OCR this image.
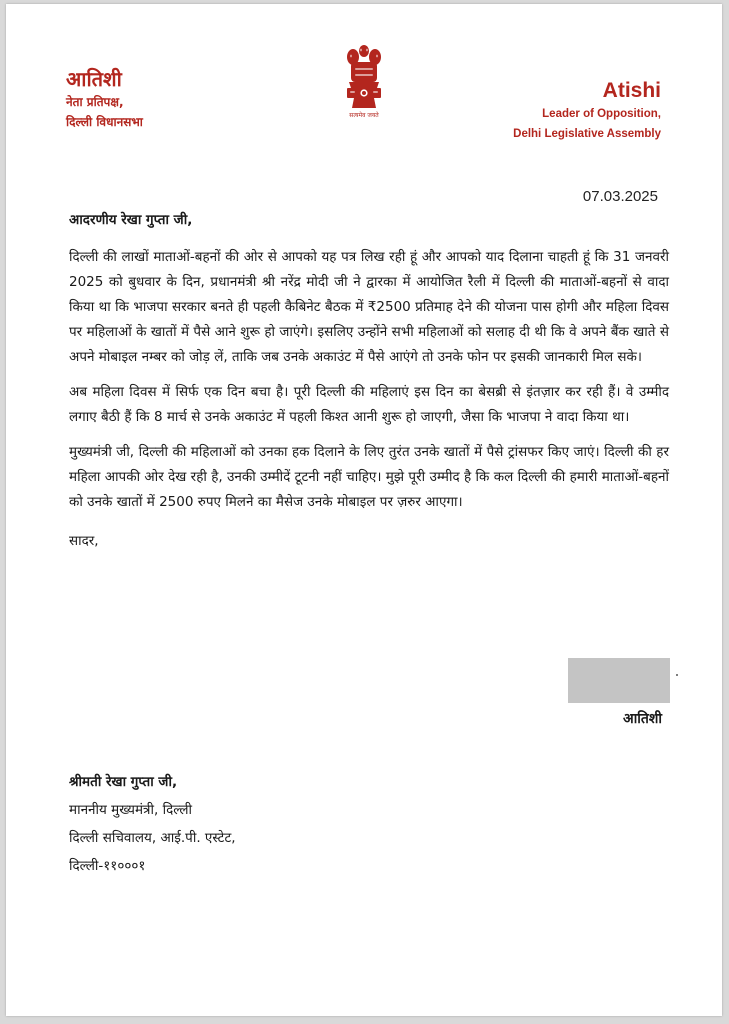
आतिशी
नेता प्रतिपक्ष,
दिल्ली विधानसभा	सत्यमेव जयते
Atishi
Leader of Opposition,
Delhi Legislative Assembly
07.03.2025

आदरणीय रेखा गुप्ता जी,

दिल्ली की लाखों माताओं-बहनों की ओर से आपको यह पत्र लिख रही हूं और आपको याद दिलाना चाहती हूं कि 31 जनवरी 2025 को बुधवार के दिन, प्रधानमंत्री श्री नरेंद्र मोदी जी ने द्वारका में आयोजित रैली में दिल्ली की माताओं-बहनों से वादा किया था कि भाजपा सरकार बनते ही पहली कैबिनेट बैठक में ₹2500 प्रतिमाह देने की योजना पास होगी और महिला दिवस पर महिलाओं के खातों में पैसे आने शुरू हो जाएंगे। इसलिए उन्होंने सभी महिलाओं को सलाह दी थी कि वे अपने बैंक खाते से अपने मोबाइल नम्बर को जोड़ लें, ताकि जब उनके अकाउंट में पैसे आएंगे तो उनके फोन पर इसकी जानकारी मिल सके।

अब महिला दिवस में सिर्फ एक दिन बचा है। पूरी दिल्ली की महिलाएं इस दिन का बेसब्री से इंतज़ार कर रही हैं। वे उम्मीद लगाए बैठी हैं कि 8 मार्च से उनके अकाउंट में पहली किश्त आनी शुरू हो जाएगी, जैसा कि भाजपा ने वादा किया था।

मुख्यमंत्री जी, दिल्ली की महिलाओं को उनका हक दिलाने के लिए तुरंत उनके खातों में पैसे ट्रांसफर किए जाएं। दिल्ली की हर महिला आपकी ओर देख रही है, उनकी उम्मीदें टूटनी नहीं चाहिए। मुझे पूरी उम्मीद है कि कल दिल्ली की हमारी माताओं-बहनों को उनके खातों में 2500 रुपए मिलने का मैसेज उनके मोबाइल पर ज़रुर आएगा।

सादर,

आतिशी
श्रीमती रेखा गुप्ता जी,
माननीय मुख्यमंत्री, दिल्ली
दिल्ली सचिवालय, आई.पी. एस्टेट,
दिल्ली-११०००१
